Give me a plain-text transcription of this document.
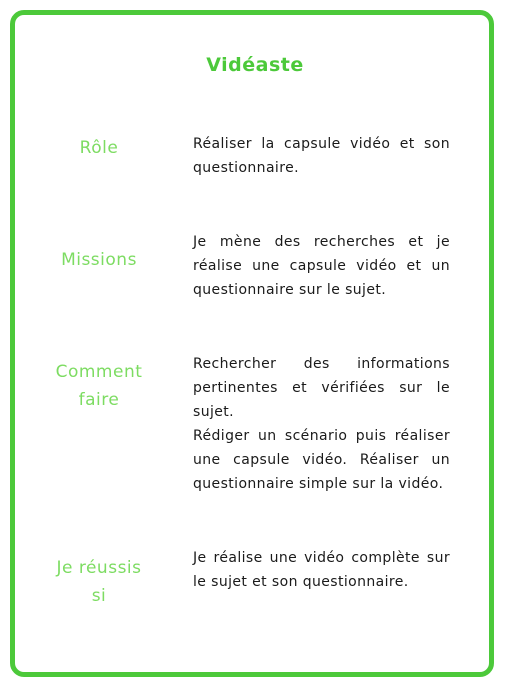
Vidéaste
Rôle	Réaliser la capsule vidéo et son questionnaire.
Missions
Je mène des recherches et je réalise une capsule vidéo et un questionnaire sur le sujet.
Comment
faire
Rechercher des informations pertinentes et vérifiées sur le sujet.
Rédiger un scénario puis réaliser une capsule vidéo. Réaliser un questionnaire simple sur la vidéo.
Je réussis
si
Je réalise une vidéo complète sur le sujet et son questionnaire.
